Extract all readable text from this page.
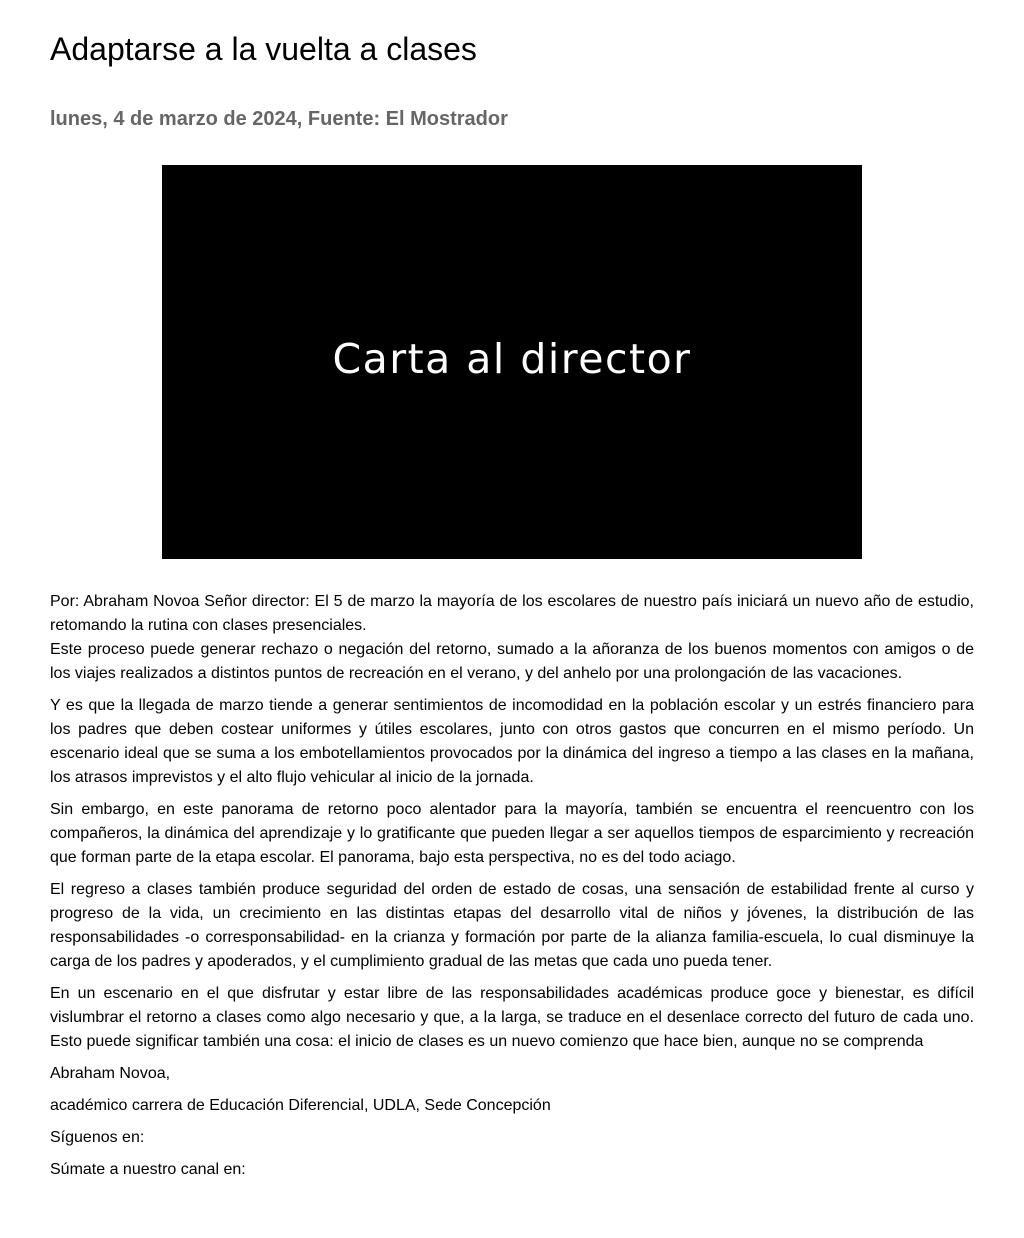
Adaptarse a la vuelta a clases
lunes, 4 de marzo de 2024, Fuente: El Mostrador
Carta al director

Por: Abraham Novoa Señor director: El 5 de marzo la mayoría de los escolares de nuestro país iniciará un nuevo año de estudio, retomando la rutina con clases presenciales.

Este proceso puede generar rechazo o negación del retorno, sumado a la añoranza de los buenos momentos con amigos o de los viajes realizados a distintos puntos de recreación en el verano, y del anhelo por una prolongación de las vacaciones.

Y es que la llegada de marzo tiende a generar sentimientos de incomodidad en la población escolar y un estrés financiero para los padres que deben costear uniformes y útiles escolares, junto con otros gastos que concurren en el mismo período. Un escenario ideal que se suma a los embotellamientos provocados por la dinámica del ingreso a tiempo a las clases en la mañana, los atrasos imprevistos y el alto flujo vehicular al inicio de la jornada.

Sin embargo, en este panorama de retorno poco alentador para la mayoría, también se encuentra el reencuentro con los compañeros, la dinámica del aprendizaje y lo gratificante que pueden llegar a ser aquellos tiempos de esparcimiento y recreación que forman parte de la etapa escolar. El panorama, bajo esta perspectiva, no es del todo aciago.

El regreso a clases también produce seguridad del orden de estado de cosas, una sensación de estabilidad frente al curso y progreso de la vida, un crecimiento en las distintas etapas del desarrollo vital de niños y jóvenes, la distribución de las responsabilidades -o corresponsabilidad- en la crianza y formación por parte de la alianza familia-escuela, lo cual disminuye la carga de los padres y apoderados, y el cumplimiento gradual de las metas que cada uno pueda tener.

En un escenario en el que disfrutar y estar libre de las responsabilidades académicas produce goce y bienestar, es difícil vislumbrar el retorno a clases como algo necesario y que, a la larga, se traduce en el desenlace correcto del futuro de cada uno. Esto puede significar también una cosa: el inicio de clases es un nuevo comienzo que hace bien, aunque no se comprenda

Abraham Novoa,

académico carrera de Educación Diferencial, UDLA, Sede Concepción

Síguenos en:

Súmate a nuestro canal en:
